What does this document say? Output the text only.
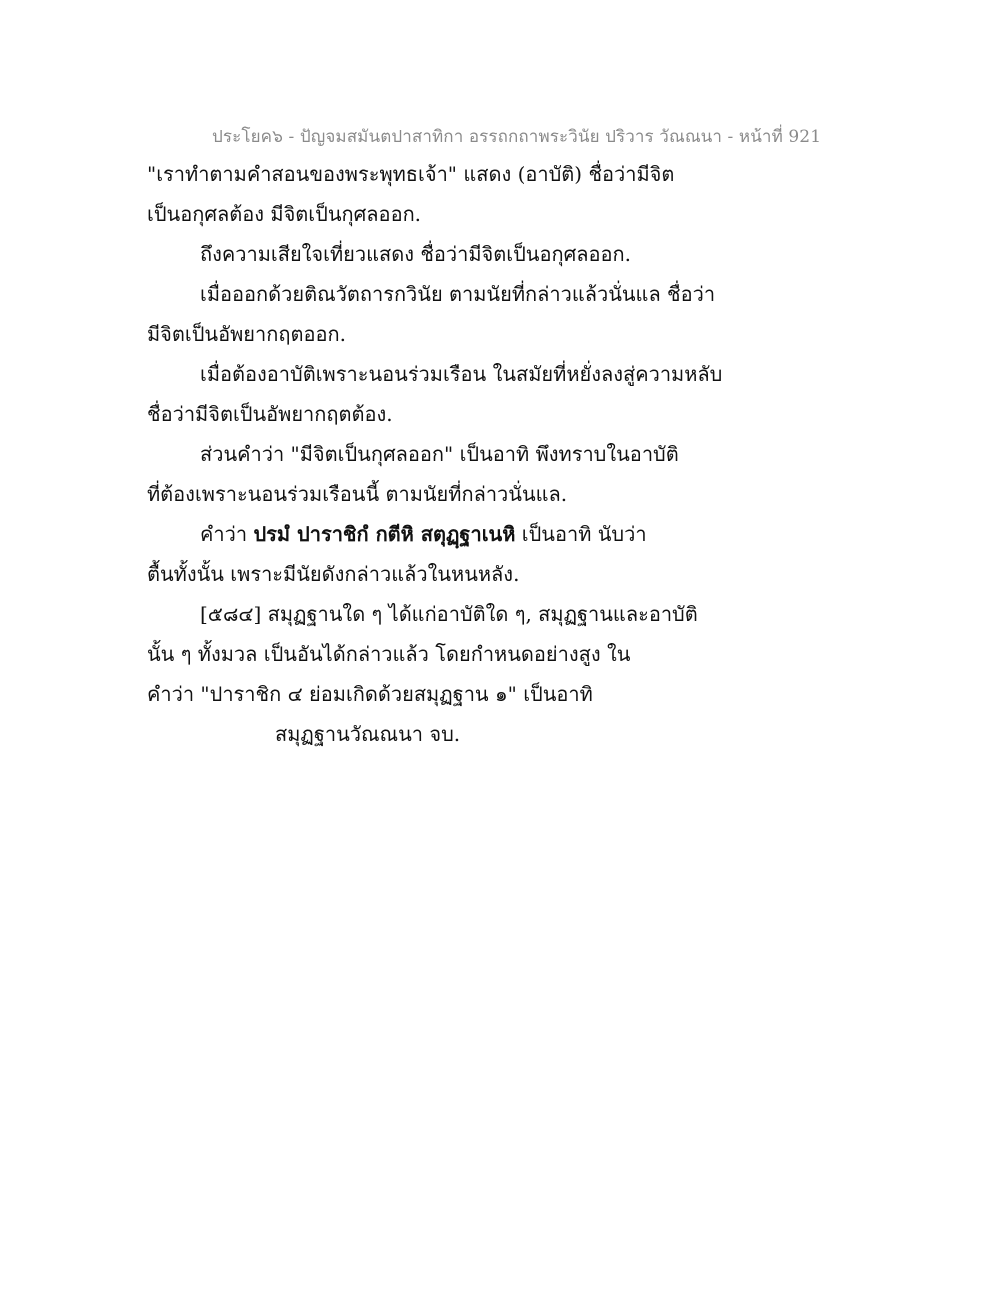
ประโยค๖ - ปัญจมสมันตปาสาทิกา อรรถกถาพระวินัย ปริวาร วัณณนา - หน้าที่ 921
"เราทำตามคำสอนของพระพุทธเจ้า" แสดง (อาบัติ) ชื่อว่ามีจิต
เป็นอกุศลต้อง มีจิตเป็นกุศลออก.
ถึงความเสียใจเที่ยวแสดง ชื่อว่ามีจิตเป็นอกุศลออก.
เมื่อออกด้วยติณวัตถารกวินัย ตามนัยที่กล่าวแล้วนั่นแล ชื่อว่า
มีจิตเป็นอัพยากฤตออก.
เมื่อต้องอาบัติเพราะนอนร่วมเรือน ในสมัยที่หยั่งลงสู่ความหลับ
ชื่อว่ามีจิตเป็นอัพยากฤตต้อง.
ส่วนคำว่า "มีจิตเป็นกุศลออก" เป็นอาทิ พึงทราบในอาบัติ
ที่ต้องเพราะนอนร่วมเรือนนี้ ตามนัยที่กล่าวนั่นแล.
คำว่า ปรมํ ปาราชิกํ กตีหิ สตุฏฺฐาเนหิ เป็นอาทิ นับว่า
ตื้นทั้งนั้น เพราะมีนัยดังกล่าวแล้วในหนหลัง.
[๕๘๔] สมุฏฐานใด ๆ ได้แก่อาบัติใด ๆ, สมุฏฐานและอาบัติ
นั้น ๆ ทั้งมวล เป็นอันได้กล่าวแล้ว โดยกำหนดอย่างสูง ใน
คำว่า "ปาราชิก ๔ ย่อมเกิดด้วยสมุฏฐาน ๑" เป็นอาทิ
สมุฏฐานวัณณนา จบ.
